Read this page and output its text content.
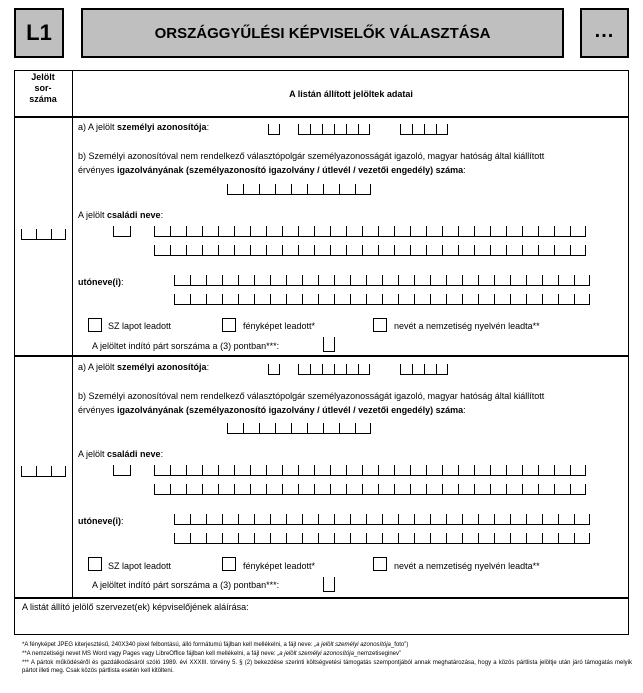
L1	ORSZÁGGYŰLÉSI KÉPVISELŐK VÁLASZTÁSA	...
Jelölt
sor-
száma	A listán állított jelöltek adatai
a) A jelölt személyi azonosítója:
b) Személyi azonosítóval nem rendelkező választópolgár személyazonosságát igazoló, magyar hatóság által kiállított
érvényes igazolványának (személyazonosító igazolvány / útlevél / vezetői engedély) száma:
A jelölt családi neve:
utóneve(i):
SZ lapot leadott	fényképet leadott*	nevét a nemzetiség nyelvén leadta**
A jelöltet indító párt sorszáma a (3) pontban***:
a) A jelölt személyi azonosítója:
b) Személyi azonosítóval nem rendelkező választópolgár személyazonosságát igazoló, magyar hatóság által kiállított
érvényes igazolványának (személyazonosító igazolvány / útlevél / vezetői engedély) száma:
A jelölt családi neve:
utóneve(i):
SZ lapot leadott	fényképet leadott*	nevét a nemzetiség nyelvén leadta**
A jelöltet indító párt sorszáma a (3) pontban***:
A listát állító jelölő szervezet(ek) képviselőjének aláírása:
*A fényképet JPEG kiterjesztésű, 240X340 pixel felbontású, álló formátumú fájlban kell mellékelni, a fájl neve: „a jelölt személyi azonosítója_foto”)
**A nemzetiségi nevet MS Word vagy Pages vagy LibreOffice fájlban kell mellékelni, a fájl neve: „a jelölt személyi azonosítója_nemzetiseginev”
*** A pártok működéséről és gazdálkodásáról szóló 1989. évi XXXIII. törvény 5. § (2) bekezdése szerinti költségvetési támogatás szempontjából annak meghatározása, hogy a közös pártlista jelöltje után járó támogatás melyik pártot illeti meg. Csak közös pártlista esetén kell kitölteni.
